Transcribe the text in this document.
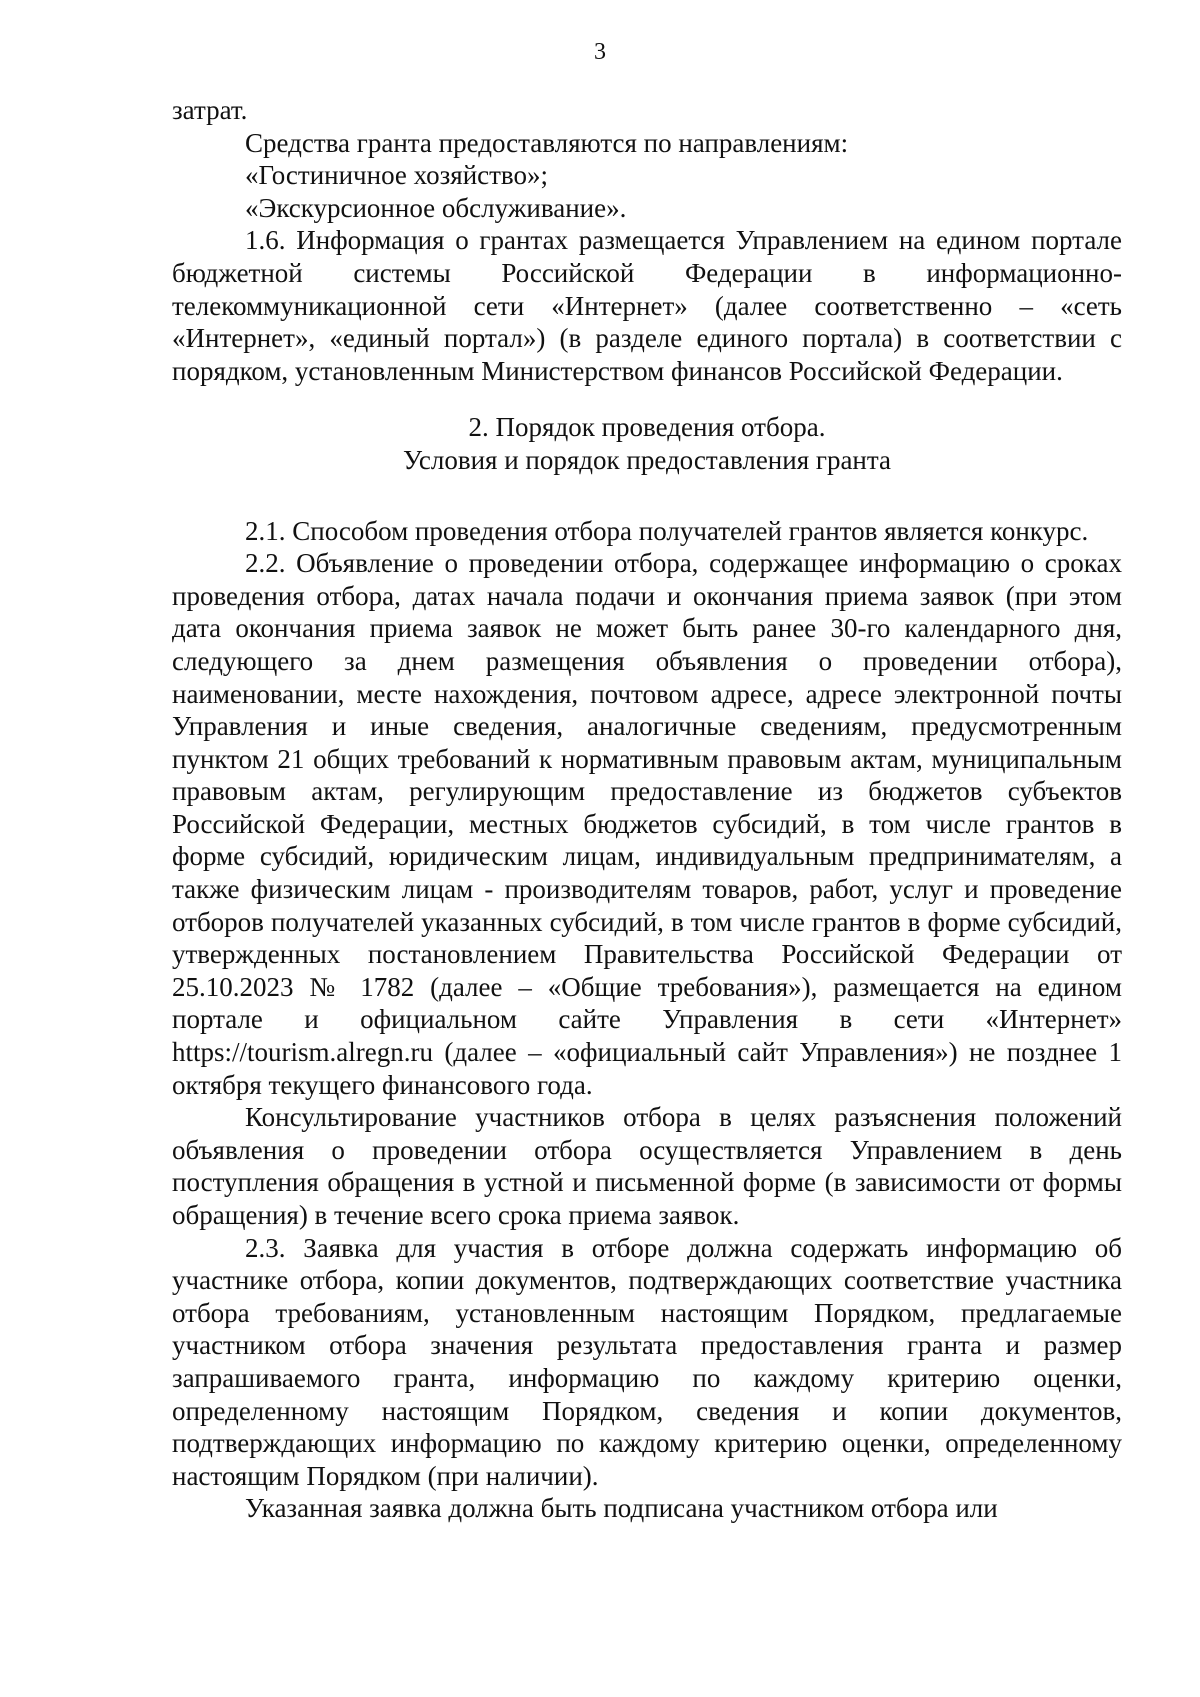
3

затрат.

Средства гранта предоставляются по направлениям:

«Гостиничное хозяйство»;

«Экскурсионное обслуживание».

1.6. Информация о грантах размещается Управлением на едином портале бюджетной системы Российской Федерации в информационно-телекоммуникационной сети «Интернет» (далее соответственно – «сеть «Интернет», «единый портал») (в разделе единого портала) в соответствии с порядком, установленным Министерством финансов Российской Федерации.

2. Порядок проведения отбора.
Условия и порядок предоставления гранта

2.1. Способом проведения отбора получателей грантов является конкурс.

2.2. Объявление о проведении отбора, содержащее информацию о сроках проведения отбора, датах начала подачи и окончания приема заявок (при этом дата окончания приема заявок не может быть ранее 30-го календарного дня, следующего за днем размещения объявления о проведении отбора), наименовании, месте нахождения, почтовом адресе, адресе электронной почты Управления и иные сведения, аналогичные сведениям, предусмотренным пунктом 21 общих требований к нормативным правовым актам, муниципальным правовым актам, регулирующим предоставление из бюджетов субъектов Российской Федерации, местных бюджетов субсидий, в том числе грантов в форме субсидий, юридическим лицам, индивидуальным предпринимателям, а также физическим лицам - производителям товаров, работ, услуг и проведение отборов получателей указанных субсидий, в том числе грантов в форме субсидий, утвержденных постановлением Правительства Российской Федерации от 25.10.2023 № 1782 (далее – «Общие требования»), размещается на едином портале и официальном сайте Управления в сети «Интернет» https://tourism.alregn.ru (далее – «официальный сайт Управления») не позднее 1 октября текущего финансового года.

Консультирование участников отбора в целях разъяснения положений объявления о проведении отбора осуществляется Управлением в день поступления обращения в устной и письменной форме (в зависимости от формы обращения) в течение всего срока приема заявок.

2.3. Заявка для участия в отборе должна содержать информацию об участнике отбора, копии документов, подтверждающих соответствие участника отбора требованиям, установленным настоящим Порядком, предлагаемые участником отбора значения результата предоставления гранта и размер запрашиваемого гранта, информацию по каждому критерию оценки, определенному настоящим Порядком, сведения и копии документов, подтверждающих информацию по каждому критерию оценки, определенному настоящим Порядком (при наличии).

Указанная заявка должна быть подписана участником отбора или
